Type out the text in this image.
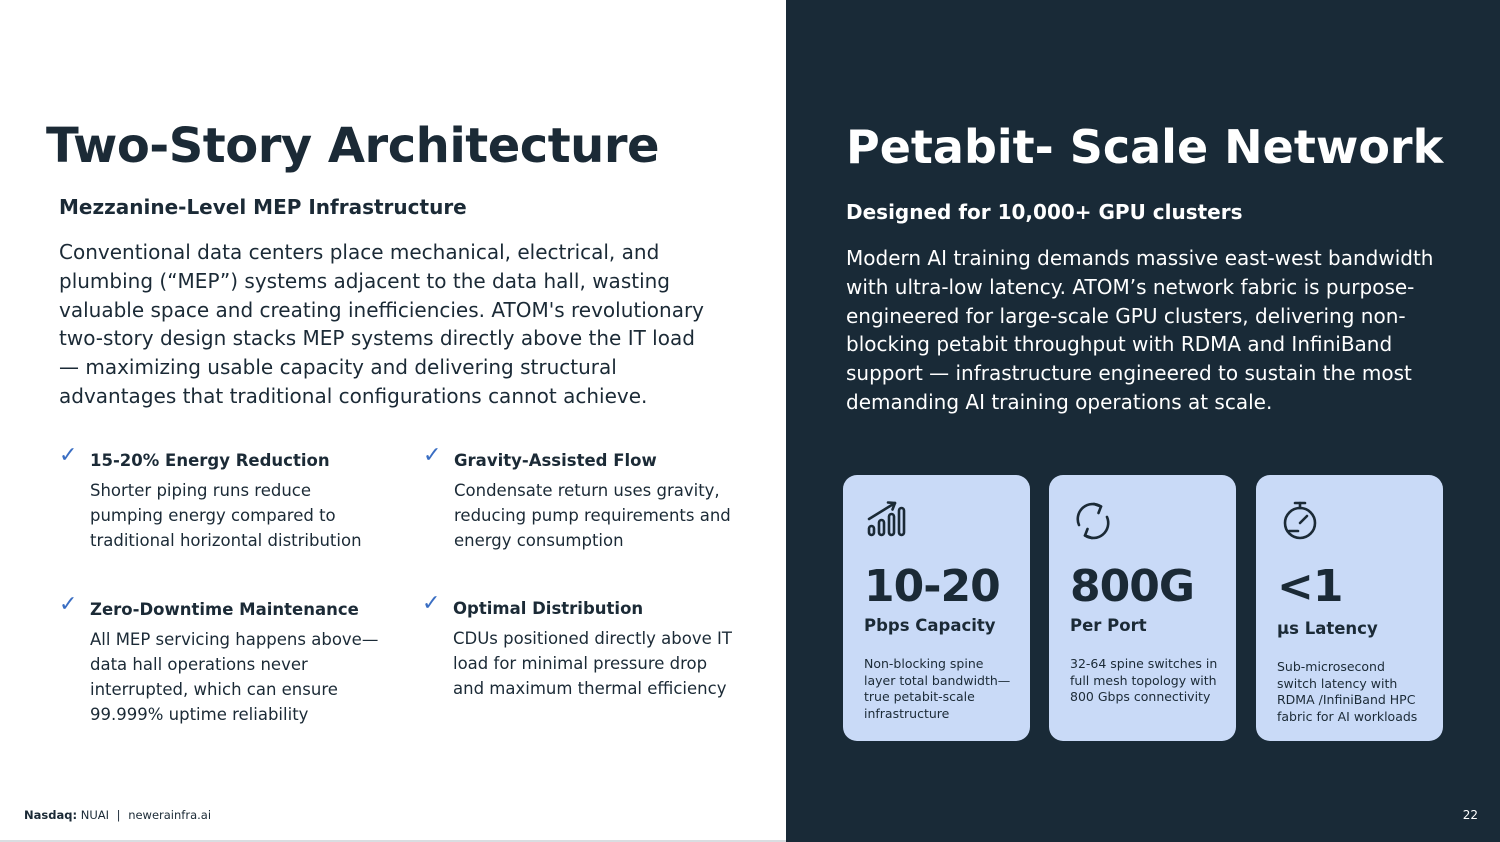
Two-Story Architecture
Mezzanine-Level MEP Infrastructure

Conventional data centers place mechanical, electrical, and plumbing (“MEP”) systems adjacent to the data hall, wasting valuable space and creating inefficiencies. ATOM's revolutionary two-story design stacks MEP systems directly above the IT load — maximizing usable capacity and delivering structural advantages that traditional configurations cannot achieve.

✓ 15-20% Energy Reduction

Shorter piping runs reduce pumping energy compared to traditional horizontal distribution

✓ Gravity-Assisted Flow

Condensate return uses gravity, reducing pump requirements and energy consumption

✓ Zero-Downtime Maintenance

All MEP servicing happens above—data hall operations never interrupted, which can ensure 99.999% uptime reliability

✓ Optimal Distribution

CDUs positioned directly above IT load for minimal pressure drop and maximum thermal efficiency

Nasdaq: NUAI | newerainfra.ai
Petabit- Scale Network
Designed for 10,000+ GPU clusters

Modern AI training demands massive east-west bandwidth with ultra-low latency. ATOM’s network fabric is purpose-engineered for large-scale GPU clusters, delivering non-blocking petabit throughput with RDMA and InfiniBand support — infrastructure engineered to sustain the most demanding AI training operations at scale.

10-20

Pbps Capacity

Non-blocking spine layer total bandwidth—true petabit-scale infrastructure

800G

Per Port

32-64 spine switches in full mesh topology with 800 Gbps connectivity

<1

μs Latency

Sub-microsecond switch latency with RDMA /InfiniBand HPC fabric for AI workloads

22
